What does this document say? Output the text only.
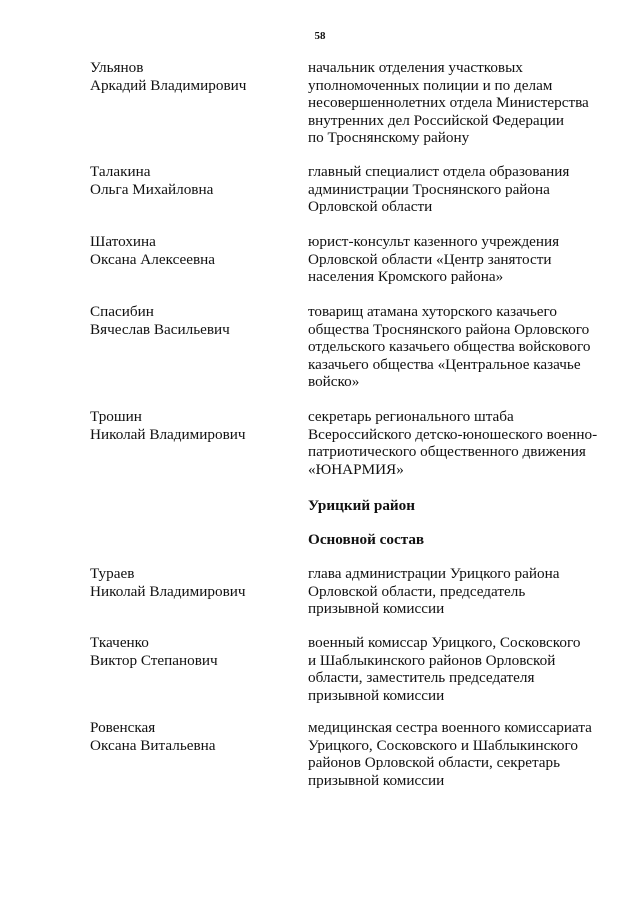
58
Ульянов
Аркадий Владимирович
начальник отделения участковых
уполномоченных полиции и по делам
несовершеннолетних отдела Министерства
внутренних дел Российской Федерации
по Троснянскому району
Талакина
Ольга Михайловна
главный специалист отдела образования
администрации Троснянского района
Орловской области
Шатохина
Оксана Алексеевна
юрист-консульт казенного учреждения
Орловской области «Центр занятости
населения Кромского района»
Спасибин
Вячеслав Васильевич
товарищ атамана хуторского казачьего
общества Троснянского района Орловского
отдельского казачьего общества войскового
казачьего общества «Центральное казачье
войско»
Трошин
Николай Владимирович
секретарь регионального штаба
Всероссийского детско-юношеского военно-
патриотического общественного движения
«ЮНАРМИЯ»
Урицкий район
Основной состав
Тураев
Николай Владимирович
глава администрации Урицкого района
Орловской области, председатель
призывной комиссии
Ткаченко
Виктор Степанович
военный комиссар Урицкого, Сосковского
и Шаблыкинского районов Орловской
области, заместитель председателя
призывной комиссии
Ровенская
Оксана Витальевна
медицинская сестра военного комиссариата
Урицкого, Сосковского и Шаблыкинского
районов Орловской области, секретарь
призывной комиссии
